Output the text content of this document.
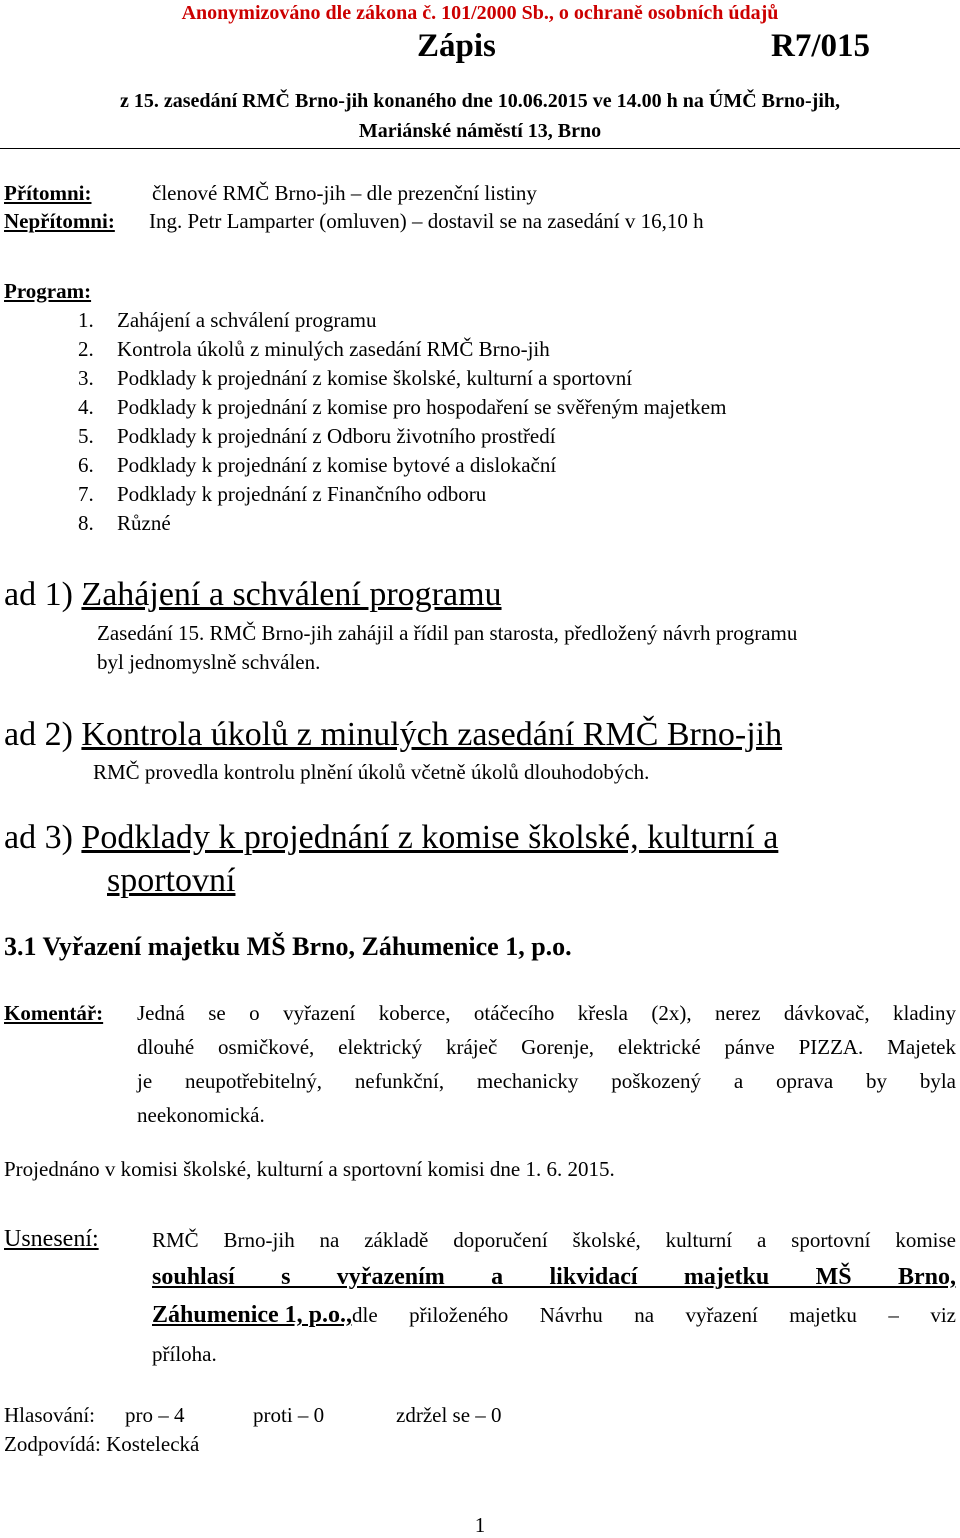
Anonymizováno dle zákona č. 101/2000 Sb., o ochraně osobních údajů
Zápis	R7/015
z 15. zasedání RMČ Brno-jih konaného dne 10.06.2015 ve 14.00 h na ÚMČ Brno-jih,
Mariánské náměstí 13, Brno
Přítomni:	členové RMČ Brno-jih – dle prezenční listiny
Nepřítomni: Ing. Petr Lamparter (omluven) – dostavil se na zasedání v 16,10 h
Program:
1. Zahájení a schválení programu
2. Kontrola úkolů z minulých zasedání RMČ Brno-jih
3. Podklady k projednání z komise školské, kulturní a sportovní
4. Podklady k projednání z komise pro hospodaření se svěřeným majetkem
5. Podklady k projednání z Odboru životního prostředí
6. Podklady k projednání z komise bytové a dislokační
7. Podklady k projednání z Finančního odboru
8. Různé
ad 1) Zahájení a schválení programu
Zasedání 15. RMČ Brno-jih zahájil a řídil pan starosta, předložený návrh programu
byl jednomyslně schválen.
ad 2) Kontrola úkolů z minulých zasedání RMČ Brno-jih
RMČ provedla kontrolu plnění úkolů včetně úkolů dlouhodobých.
ad 3) Podklady k projednání z komise školské, kulturní a
sportovní
3.1 Vyřazení majetku MŠ Brno, Záhumenice 1, p.o.
Komentář: Jedná se o vyřazení koberce, otáčecího křesla (2x), nerez dávkovač, kladiny
dlouhé osmičkové, elektrický kráječ Gorenje, elektrické pánve PIZZA. Majetek
je neupotřebitelný, nefunkční, mechanicky poškozený a oprava by byla
neekonomická.
Projednáno v komisi školské, kulturní a sportovní komisi dne 1. 6. 2015.
Usnesení:	RMČ Brno-jih na základě doporučení školské, kulturní a sportovní komise
souhlasí s vyřazením a likvidací majetku MŠ Brno,
Záhumenice 1, p.o., dle přiloženého Návrhu na vyřazení majetku – viz
příloha.
Hlasování: pro – 4	proti – 0	zdržel se – 0
Zodpovídá: Kostelecká
1
